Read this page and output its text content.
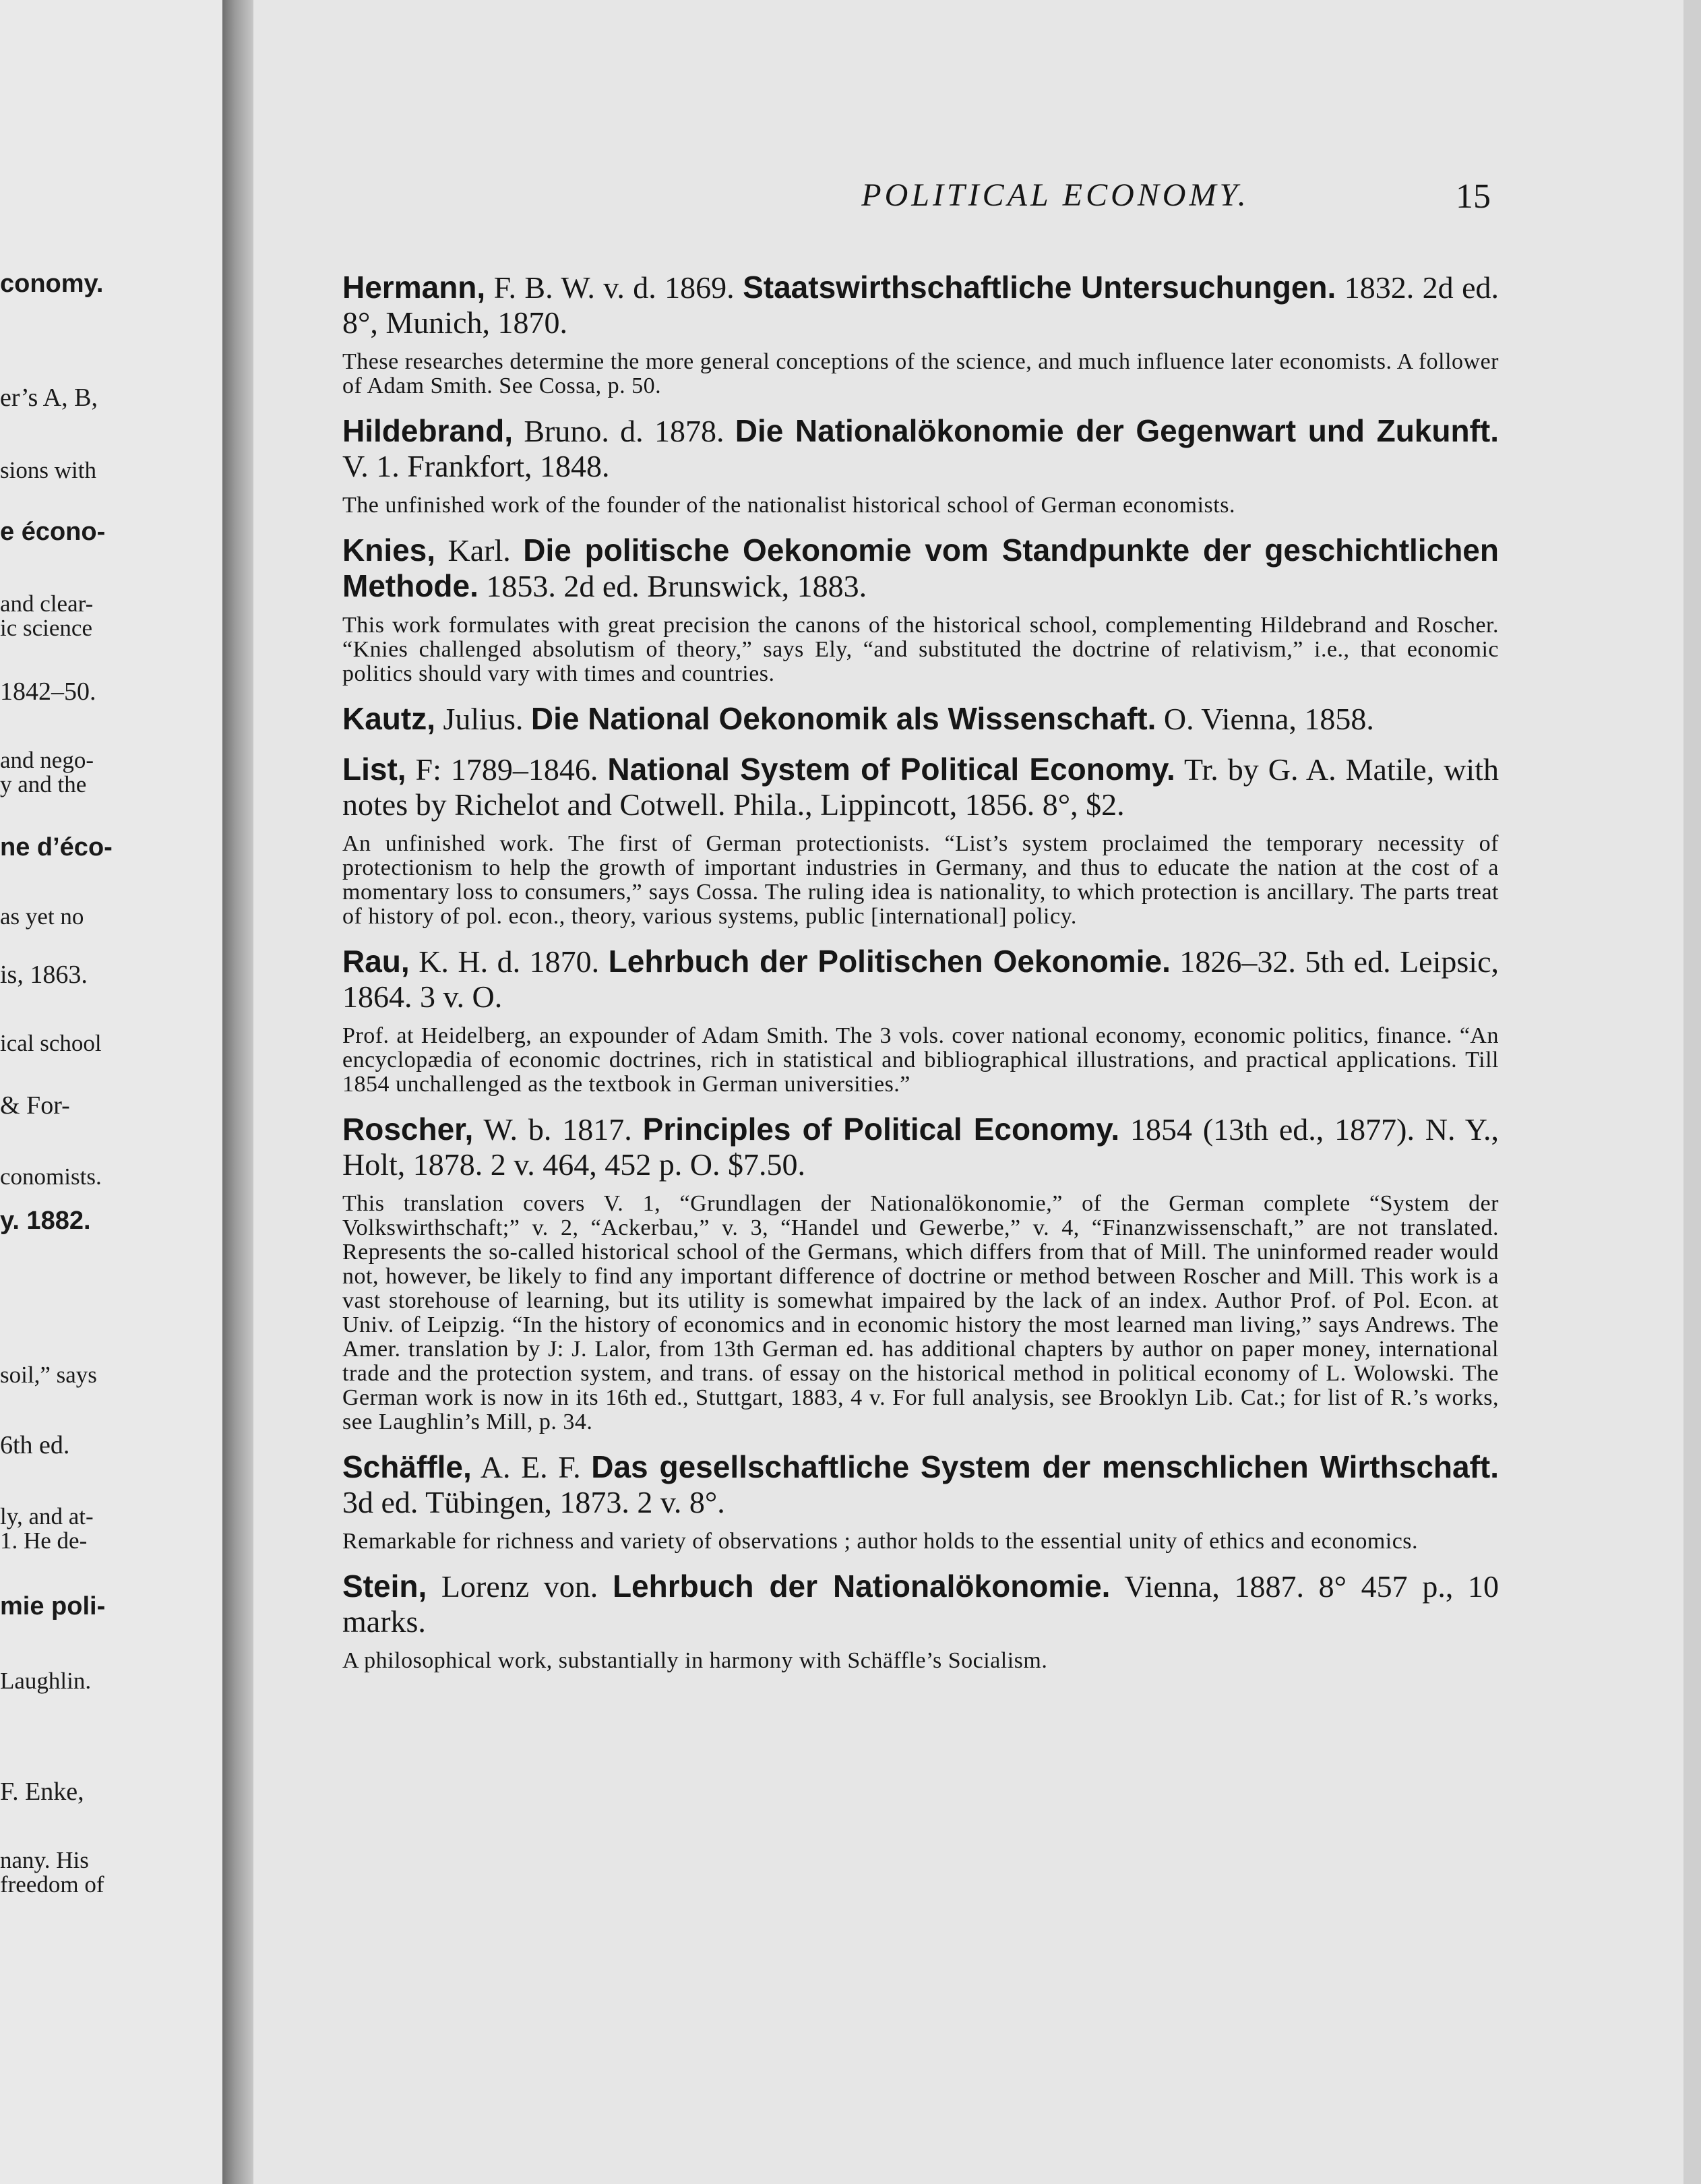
conomy.
er’s A, B,
sions with
e écono-
and clear-
ic science
1842–50.
and nego-
y and the
ne d’éco-
as yet no
is, 1863.
ical school
& For-
conomists.
y. 1882.
soil,” says
6th ed.
ly, and at-
1. He de-
mie poli-
Laughlin.
F. Enke,
nany. His
freedom of
POLITICAL ECONOMY.	15
Hermann, F. B. W. v. d. 1869. Staatswirthschaftliche Untersuchungen. 1832. 2d ed. 8°, Munich, 1870.
These researches determine the more general conceptions of the science, and much influence later economists. A follower of Adam Smith. See Cossa, p. 50.
Hildebrand, Bruno. d. 1878. Die Nationalökonomie der Gegenwart und Zukunft. V. 1. Frankfort, 1848.
The unfinished work of the founder of the nationalist historical school of German economists.
Knies, Karl. Die politische Oekonomie vom Standpunkte der geschichtlichen Methode. 1853. 2d ed. Brunswick, 1883.
This work formulates with great precision the canons of the historical school, complementing Hildebrand and Roscher. “Knies challenged absolutism of theory,” says Ely, “and substituted the doctrine of relativism,” i.e., that economic politics should vary with times and countries.
Kautz, Julius. Die National Oekonomik als Wissenschaft. O. Vienna, 1858.
List, F: 1789–1846. National System of Political Economy. Tr. by G. A. Matile, with notes by Richelot and Cotwell. Phila., Lippincott, 1856. 8°, $2.
An unfinished work. The first of German protectionists. “List’s system proclaimed the temporary necessity of protectionism to help the growth of important industries in Germany, and thus to educate the nation at the cost of a momentary loss to consumers,” says Cossa. The ruling idea is nationality, to which protection is ancillary. The parts treat of history of pol. econ., theory, various systems, public [international] policy.
Rau, K. H. d. 1870. Lehrbuch der Politischen Oekonomie. 1826–32. 5th ed. Leipsic, 1864. 3 v. O.
Prof. at Heidelberg, an expounder of Adam Smith. The 3 vols. cover national economy, economic politics, finance. “An encyclopædia of economic doctrines, rich in statistical and bibliographical illustrations, and practical applications. Till 1854 unchallenged as the textbook in German universities.”
Roscher, W. b. 1817. Principles of Political Economy. 1854 (13th ed., 1877). N. Y., Holt, 1878. 2 v. 464, 452 p. O. $7.50.
This translation covers V. 1, “Grundlagen der Nationalökonomie,” of the German complete “System der Volkswirthschaft;” v. 2, “Ackerbau,” v. 3, “Handel und Gewerbe,” v. 4, “Finanzwissenschaft,” are not translated. Represents the so-called historical school of the Germans, which differs from that of Mill. The uninformed reader would not, however, be likely to find any important difference of doctrine or method between Roscher and Mill. This work is a vast storehouse of learning, but its utility is somewhat impaired by the lack of an index. Author Prof. of Pol. Econ. at Univ. of Leipzig. “In the history of economics and in economic history the most learned man living,” says Andrews. The Amer. translation by J: J. Lalor, from 13th German ed. has additional chapters by author on paper money, international trade and the protection system, and trans. of essay on the historical method in political economy of L. Wolowski. The German work is now in its 16th ed., Stuttgart, 1883, 4 v. For full analysis, see Brooklyn Lib. Cat.; for list of R.’s works, see Laughlin’s Mill, p. 34.
Schäffle, A. E. F. Das gesellschaftliche System der menschlichen Wirthschaft. 3d ed. Tübingen, 1873. 2 v. 8°.
Remarkable for richness and variety of observations ; author holds to the essential unity of ethics and economics.
Stein, Lorenz von. Lehrbuch der Nationalökonomie. Vienna, 1887. 8° 457 p., 10 marks.
A philosophical work, substantially in harmony with Schäffle’s Socialism.
